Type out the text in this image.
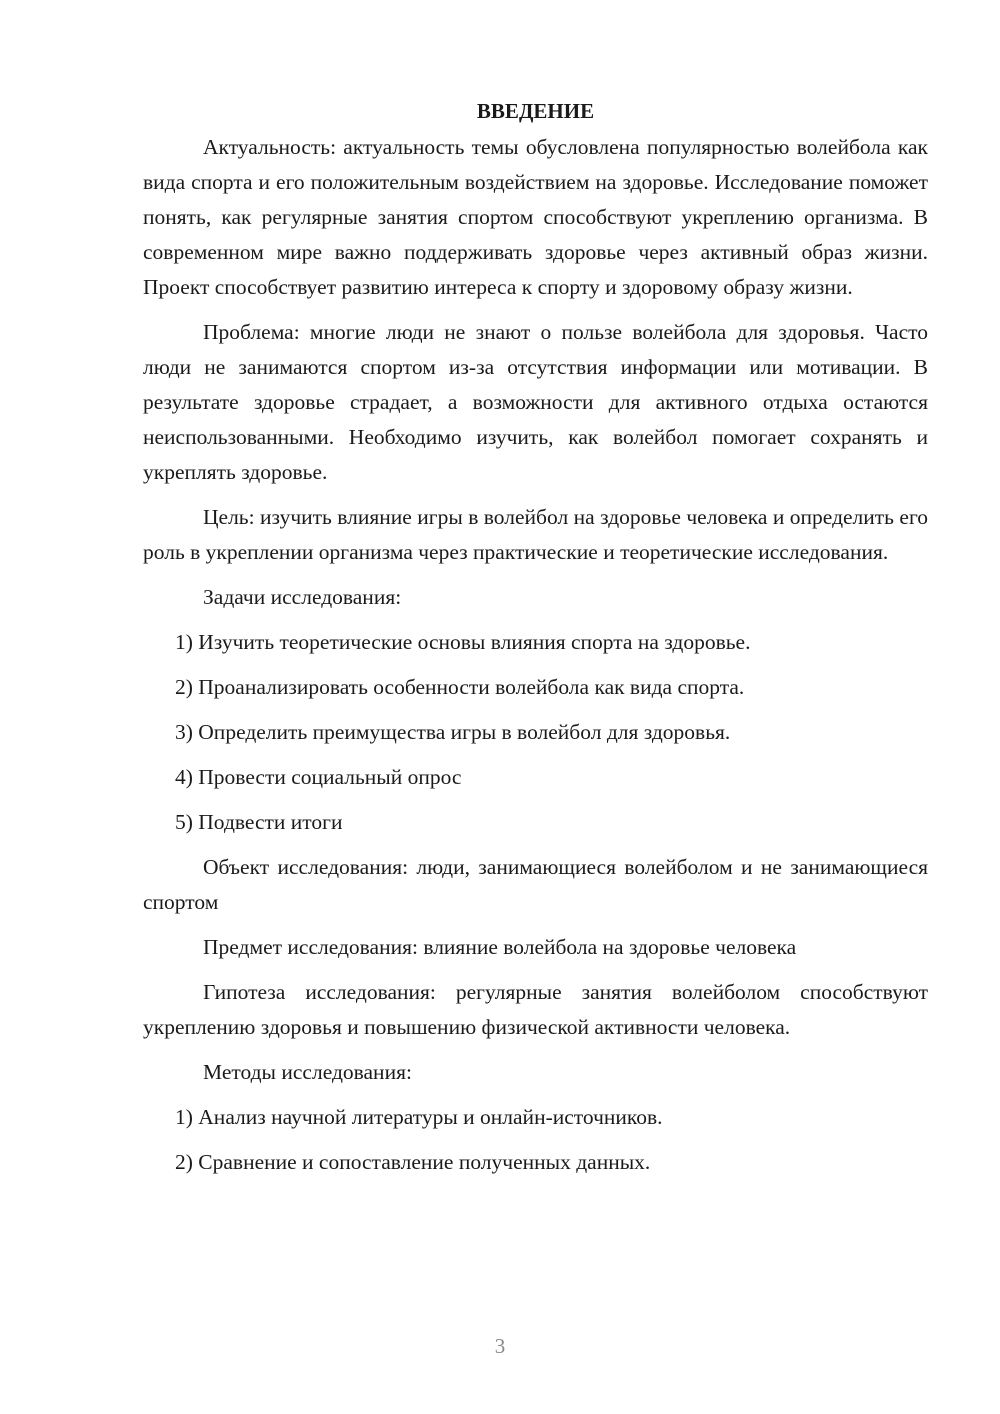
ВВЕДЕНИЕ

Актуальность: актуальность темы обусловлена популярностью волейбола как вида спорта и его положительным воздействием на здоровье. Исследование поможет понять, как регулярные занятия спортом способствуют укреплению организма. В современном мире важно поддерживать здоровье через активный образ жизни. Проект способствует развитию интереса к спорту и здоровому образу жизни.

Проблема: многие люди не знают о пользе волейбола для здоровья. Часто люди не занимаются спортом из-за отсутствия информации или мотивации. В результате здоровье страдает, а возможности для активного отдыха остаются неиспользованными. Необходимо изучить, как волейбол помогает сохранять и укреплять здоровье.

Цель: изучить влияние игры в волейбол на здоровье человека и определить его роль в укреплении организма через практические и теоретические исследования.

Задачи исследования:

1) Изучить теоретические основы влияния спорта на здоровье.

2) Проанализировать особенности волейбола как вида спорта.

3) Определить преимущества игры в волейбол для здоровья.

4) Провести социальный опрос

5) Подвести итоги

Объект исследования: люди, занимающиеся волейболом и не занимающиеся спортом

Предмет исследования: влияние волейбола на здоровье человека

Гипотеза исследования: регулярные занятия волейболом способствуют укреплению здоровья и повышению физической активности человека.

Методы исследования:

1) Анализ научной литературы и онлайн-источников.

2) Сравнение и сопоставление полученных данных.

3
